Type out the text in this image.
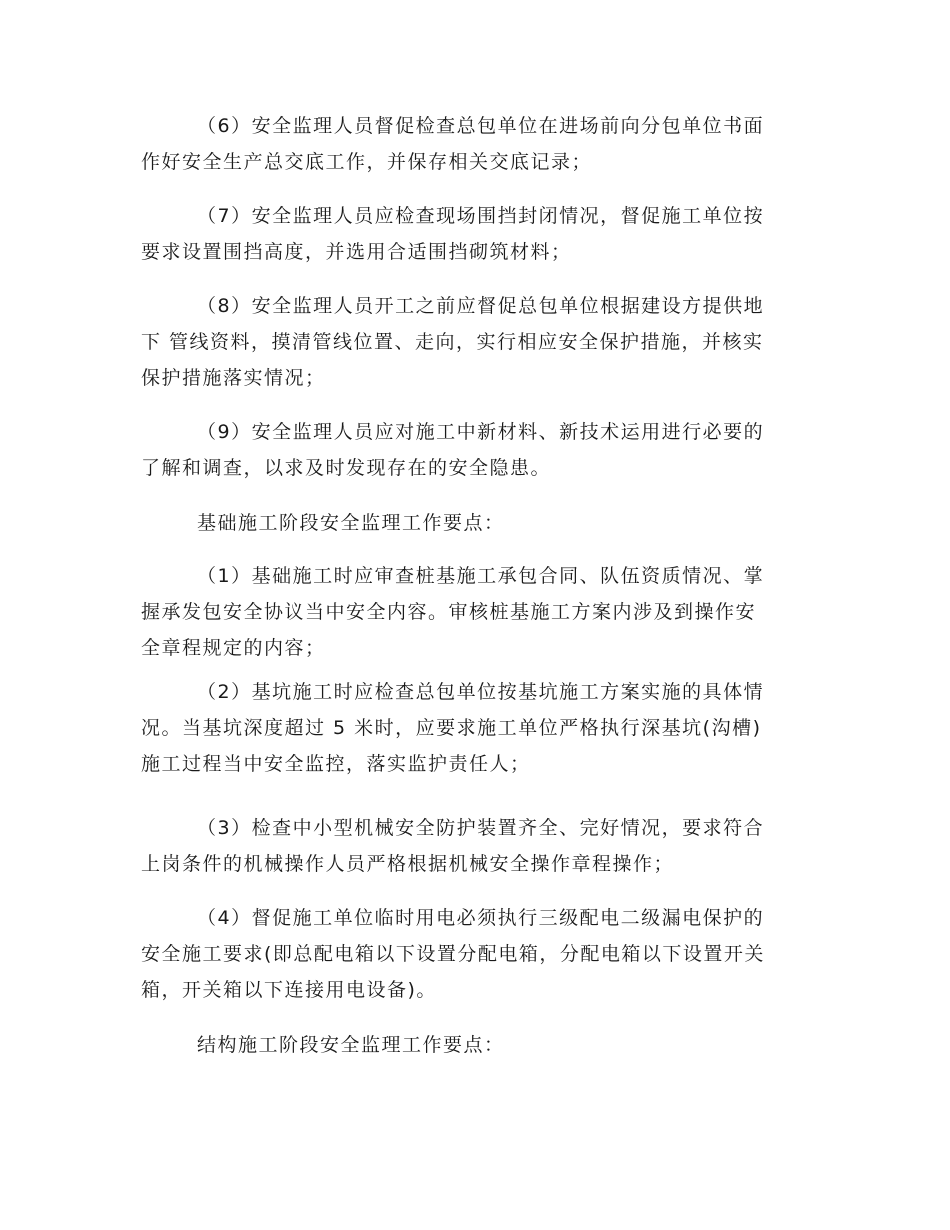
（6）安全监理人员督促检查总包单位在进场前向分包单位书面
作好安全生产总交底工作，并保存相关交底记录；

（7）安全监理人员应检查现场围挡封闭情况，督促施工单位按
要求设置围挡高度，并选用合适围挡砌筑材料；

（8）安全监理人员开工之前应督促总包单位根据建设方提供地
下 管线资料，摸清管线位置、走向，实行相应安全保护措施，并核实
保护措施落实情况；

（9）安全监理人员应对施工中新材料、新技术运用进行必要的
了解和调查，以求及时发现存在的安全隐患。

基础施工阶段安全监理工作要点：

（1）基础施工时应审查桩基施工承包合同、队伍资质情况、掌
握承发包安全协议当中安全内容。审核桩基施工方案内涉及到操作安
全章程规定的内容；

（2）基坑施工时应检查总包单位按基坑施工方案实施的具体情
况。当基坑深度超过 5 米时，应要求施工单位严格执行深基坑(沟槽)
施工过程当中安全监控，落实监护责任人；

（3）检查中小型机械安全防护装置齐全、完好情况，要求符合
上岗条件的机械操作人员严格根据机械安全操作章程操作；

（4）督促施工单位临时用电必须执行三级配电二级漏电保护的
安全施工要求(即总配电箱以下设置分配电箱，分配电箱以下设置开关
箱，开关箱以下连接用电设备)。

结构施工阶段安全监理工作要点：
